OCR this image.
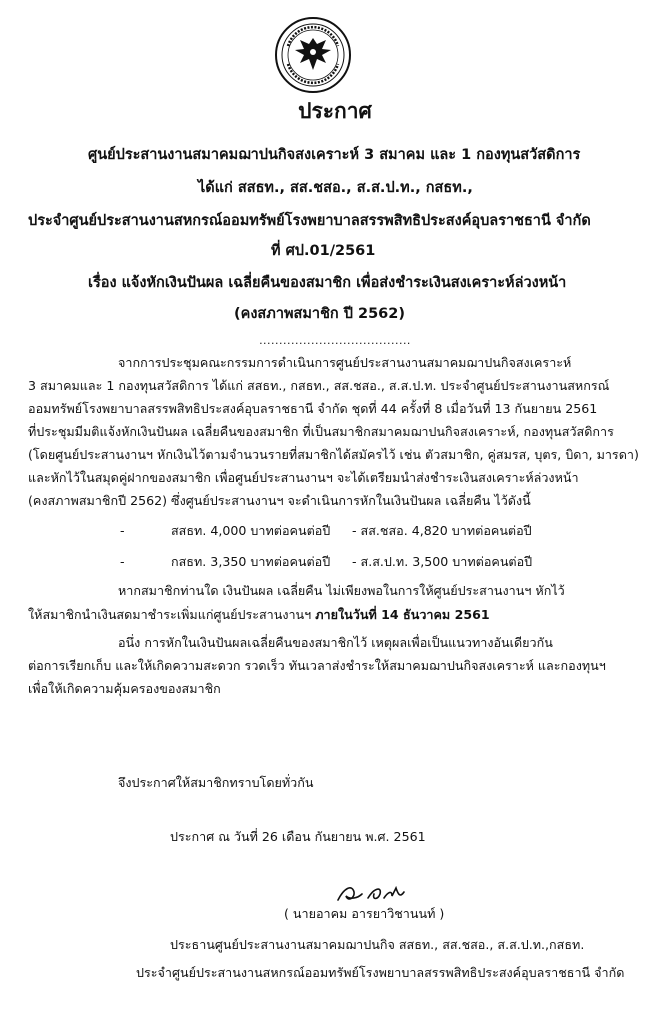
ประกาศ
ศูนย์ประสานงานสมาคมฌาปนกิจสงเคราะห์ 3 สมาคม และ 1 กองทุนสวัสดิการ
ได้แก่ สสธท., สส.ชสอ., ส.ส.ป.ท., กสธท.,
ประจำศูนย์ประสานงานสหกรณ์ออมทรัพย์โรงพยาบาลสรรพสิทธิประสงค์อุบลราชธานี จำกัด
ที่ ศป.01/2561
เรื่อง แจ้งหักเงินปันผล เฉลี่ยคืนของสมาชิก เพื่อส่งชำระเงินสงเคราะห์ล่วงหน้า
(คงสภาพสมาชิก ปี 2562)
......................................
จากการประชุมคณะกรรมการดำเนินการศูนย์ประสานงานสมาคมฌาปนกิจสงเคราะห์
3 สมาคมและ 1 กองทุนสวัสดิการ ได้แก่ สสธท., กสธท., สส.ชสอ., ส.ส.ป.ท. ประจำศูนย์ประสานงานสหกรณ์
ออมทรัพย์โรงพยาบาลสรรพสิทธิประสงค์อุบลราชธานี จำกัด ชุดที่ 44 ครั้งที่ 8 เมื่อวันที่ 13 กันยายน 2561
ที่ประชุมมีมติแจ้งหักเงินปันผล เฉลี่ยคืนของสมาชิก ที่เป็นสมาชิกสมาคมฌาปนกิจสงเคราะห์, กองทุนสวัสดิการ
(โดยศูนย์ประสานงานฯ หักเงินไว้ตามจำนวนรายที่สมาชิกได้สมัครไว้ เช่น ตัวสมาชิก, คู่สมรส, บุตร, บิดา, มารดา)
และหักไว้ในสมุดคู่ฝากของสมาชิก เพื่อศูนย์ประสานงานฯ จะได้เตรียมนำส่งชำระเงินสงเคราะห์ล่วงหน้า
(คงสภาพสมาชิกปี 2562) ซึ่งศูนย์ประสานงานฯ จะดำเนินการหักในเงินปันผล เฉลี่ยคืน ไว้ดังนี้
-	สสธท. 4,000 บาทต่อคนต่อปี - สส.ชสอ. 4,820 บาทต่อคนต่อปี
-	กสธท. 3,350 บาทต่อคนต่อปี - ส.ส.ป.ท. 3,500 บาทต่อคนต่อปี
หากสมาชิกท่านใด เงินปันผล เฉลี่ยคืน ไม่เพียงพอในการให้ศูนย์ประสานงานฯ หักไว้
ให้สมาชิกนำเงินสดมาชำระเพิ่มแก่ศูนย์ประสานงานฯ ภายในวันที่ 14 ธันวาคม 2561
อนึ่ง การหักในเงินปันผลเฉลี่ยคืนของสมาชิกไว้ เหตุผลเพื่อเป็นแนวทางอันเดียวกัน
ต่อการเรียกเก็บ และให้เกิดความสะดวก รวดเร็ว ทันเวลาส่งชำระให้สมาคมฌาปนกิจสงเคราะห์ และกองทุนฯ
เพื่อให้เกิดความคุ้มครองของสมาชิก
จึงประกาศให้สมาชิกทราบโดยทั่วกัน
ประกาศ ณ วันที่ 26 เดือน กันยายน พ.ศ. 2561
( นายอาคม อารยาวิชานนท์ )
ประธานศูนย์ประสานงานสมาคมฌาปนกิจ สสธท., สส.ชสอ., ส.ส.ป.ท.,กสธท.
ประจำศูนย์ประสานงานสหกรณ์ออมทรัพย์โรงพยาบาลสรรพสิทธิประสงค์อุบลราชธานี จำกัด
